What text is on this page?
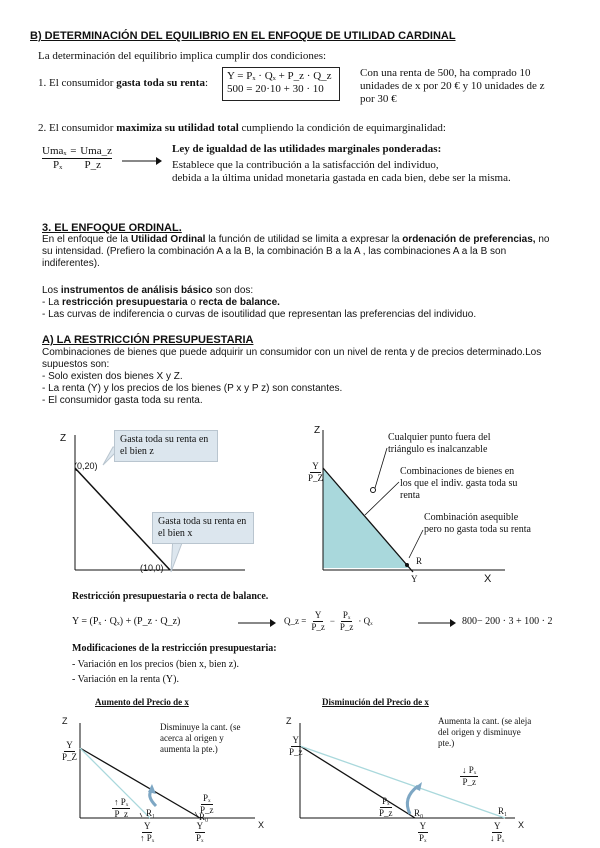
B) DETERMINACIÓN DEL EQUILIBRIO EN EL ENFOQUE DE UTILIDAD CARDINAL
La determinación del equilibrio implica cumplir dos condiciones:
1. El consumidor gasta toda su renta:
Y = Pₓ · Qₓ + P_z · Q_z
500 = 20·10 + 30 · 10
Con una renta de 500, ha comprado 10 unidades de x por 20 € y 10 unidades de z por 30 €
2. El consumidor maximiza su utilidad total cumpliendo la condición de equimarginalidad:
Umaₓ = Uma_z
Pₓ P_z
Ley de igualdad de las utilidades marginales ponderadas:
Establece que la contribución a la satisfacción del individuo,
debida a la última unidad monetaria gastada en cada bien, debe ser la misma.
3. EL ENFOQUE ORDINAL.
En el enfoque de la Utilidad Ordinal la función de utilidad se limita a expresar la ordenación de preferencias, no su intensidad. (Prefiero la combinación A a la B, la combinación B a la A , las combinaciones A a la B son indiferentes).
Los instrumentos de análisis básico son dos:
- La restricción presupuestaria o recta de balance.
- Las curvas de indiferencia o curvas de isoutilidad que representan las preferencias del individuo.
A) LA RESTRICCIÓN PRESUPUESTARIA
Combinaciones de bienes que puede adquirir un consumidor con un nivel de renta y de precios determinado.Los supuestos son:
- Solo existen dos bienes X y Z.
- La renta (Y) y los precios de los bienes (P x y P z) son constantes.
- El consumidor gasta toda su renta.
Z
(0,20)
(10,0)
Gasta toda su renta en el bien z
Gasta toda su renta en el bien x
Z
$\frac{Y}{P\_Z}$
Y	X
R
Cualquier punto fuera del triángulo es inalcanzable
Combinaciones de bienes en los que el indiv. gasta toda su renta
Combinación asequible pero no gasta toda su renta
Restricción presupuestaria o recta de balance.
Y = (Pₓ · Qₓ) + (P_z · Q_z)	Q_z = $\frac{Y}{P\_z} - \frac{\text{Pₓ}}{P\_z} \cdot Q_x$	800− 200 · 3 + 100 · 2
Modificaciones de la restricción presupuestaria:
- Variación en los precios (bien x, bien z).
- Variación en la renta (Y).
Aumento del Precio de x
Z
X
$\frac{Y}{P\_Z}$
Disminuye la cant. (se acerca al origen y aumenta la pte.)
$\frac{\text{↑ Pₓ}}{P\_z}$	$\frac{\text{Pₓ}}{P\_z}$
R₁	R₀
$\frac{Y}{\text{↑ Pₓ}}$	$\frac{Y}{\text{Pₓ}}$
Disminución del Precio de x
Z
X
$\frac{Y}{P\_z}$
Aumenta la cant. (se aleja del origen y disminuye pte.)
$\frac{\text{↓ Pₓ}}{P\_z}$
$\frac{\text{Pₓ}}{P\_z} R_0$	R₁
$\frac{Y}{\text{Pₓ}}$	$\frac{Y}{\text{↓ Pₓ}}$
